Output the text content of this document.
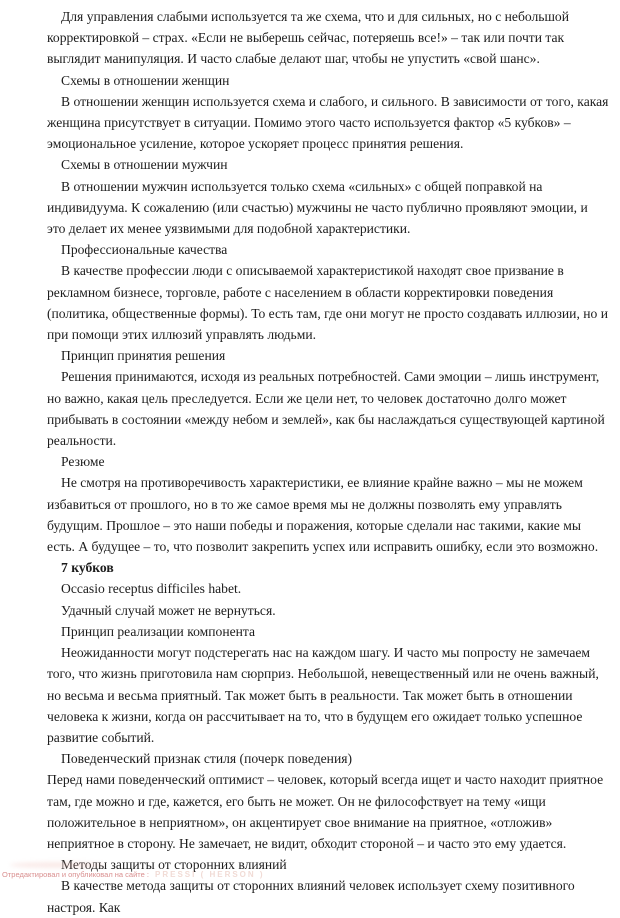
Для управления слабыми используется та же схема, что и для сильных, но с небольшой корректировкой – страх. «Если не выберешь сейчас, потеряешь все!» – так или почти так выглядит манипуляция. И часто слабые делают шаг, чтобы не упустить «свой шанс».

Схемы в отношении женщин

В отношении женщин используется схема и слабого, и сильного. В зависимости от того, какая женщина присутствует в ситуации. Помимо этого часто используется фактор «5 кубков» – эмоциональное усиление, которое ускоряет процесс принятия решения.

Схемы в отношении мужчин

В отношении мужчин используется только схема «сильных» с общей поправкой на индивидуума. К сожалению (или счастью) мужчины не часто публично проявляют эмоции, и это делает их менее уязвимыми для подобной характеристики.

Профессиональные качества

В качестве профессии люди с описываемой характеристикой находят свое призвание в рекламном бизнесе, торговле, работе с населением в области корректировки поведения (политика, общественные формы). То есть там, где они могут не просто создавать иллюзии, но и при помощи этих иллюзий управлять людьми.

Принцип принятия решения

Решения принимаются, исходя из реальных потребностей. Сами эмоции – лишь инструмент, но важно, какая цель преследуется. Если же цели нет, то человек достаточно долго может прибывать в состоянии «между небом и землей», как бы наслаждаться существующей картиной реальности.

Резюме

Не смотря на противоречивость характеристики, ее влияние крайне важно – мы не можем избавиться от прошлого, но в то же самое время мы не должны позволять ему управлять будущим. Прошлое – это наши победы и поражения, которые сделали нас такими, какие мы есть. А будущее – то, что позволит закрепить успех или исправить ошибку, если это возможно.

7 кубков

Occasio receptus difficiles habet.

Удачный случай может не вернуться.

Принцип реализации компонента

Неожиданности могут подстерегать нас на каждом шагу. И часто мы попросту не замечаем того, что жизнь приготовила нам сюрприз. Небольшой, невещественный или не очень важный, но весьма и весьма приятный. Так может быть в реальности. Так может быть в отношении человека к жизни, когда он рассчитывает на то, что в будущем его ожидает только успешное развитие событий.

Поведенческий признак стиля (почерк поведения)

Перед нами поведенческий оптимист – человек, который всегда ищет и часто находит приятное там, где можно и где, кажется, его быть не может. Он не философствует на тему «ищи положительное в неприятном», он акцентирует свое внимание на приятное, «отложив» неприятное в сторону. Не замечает, не видит, обходит стороной – и часто это ему удается.

Методы защиты от сторонних влияний

В качестве метода защиты от сторонних влияний человек использует схему позитивного настроя. Как

Отредактировал и опубликовал на сайте : PRESSI ( HERSON )
